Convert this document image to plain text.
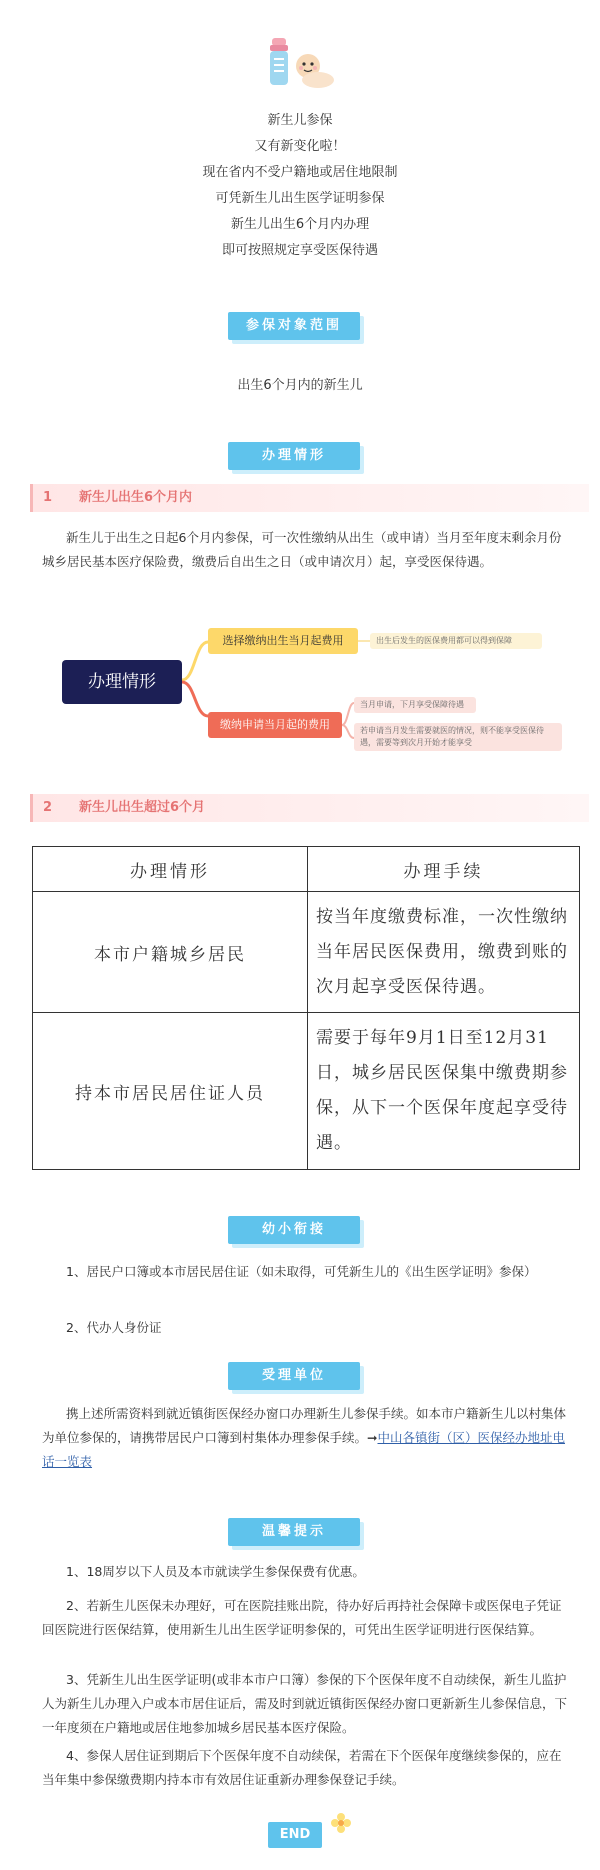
新生儿参保
又有新变化啦！
现在省内不受户籍地或居住地限制
可凭新生儿出生医学证明参保
新生儿出生6个月内办理
即可按照规定享受医保待遇
参保对象范围
出生6个月内的新生儿
办理情形
1 新生儿出生6个月内
新生儿于出生之日起6个月内参保，可一次性缴纳从出生（或申请）当月至年度末剩余月份城乡居民基本医疗保险费，缴费后自出生之日（或申请次月）起，享受医保待遇。
办理情形
选择缴纳出生当月起费用	出生后发生的医保费用都可以得到保障
缴纳申请当月起的费用
当月申请，下月享受保障待遇
若申请当月发生需要就医的情况，则不能享受医保待遇，需要等到次月开始才能享受
2 新生儿出生超过6个月
办理情形	办理手续
本市户籍城乡居民	按当年度缴费标准，一次性缴纳当年居民医保费用，缴费到账的次月起享受医保待遇。
持本市居民居住证人员	需要于每年9月1日至12月31日，城乡居民医保集中缴费期参保，从下一个医保年度起享受待遇。
幼小衔接
1、居民户口簿或本市居民居住证（如未取得，可凭新生儿的《出生医学证明》参保）
2、代办人身份证
受理单位
携上述所需资料到就近镇街医保经办窗口办理新生儿参保手续。如本市户籍新生儿以村集体为单位参保的，请携带居民户口簿到村集体办理参保手续。➞中山各镇街（区）医保经办地址电话一览表
温馨提示
1、18周岁以下人员及本市就读学生参保保费有优惠。
2、若新生儿医保未办理好，可在医院挂账出院，待办好后再持社会保障卡或医保电子凭证回医院进行医保结算，使用新生儿出生医学证明参保的，可凭出生医学证明进行医保结算。
3、凭新生儿出生医学证明(或非本市户口簿）参保的下个医保年度不自动续保，新生儿监护人为新生儿办理入户或本市居住证后，需及时到就近镇街医保经办窗口更新新生儿参保信息，下一年度须在户籍地或居住地参加城乡居民基本医疗保险。
4、参保人居住证到期后下个医保年度不自动续保，若需在下个医保年度继续参保的，应在当年集中参保缴费期内持本市有效居住证重新办理参保登记手续。
END
